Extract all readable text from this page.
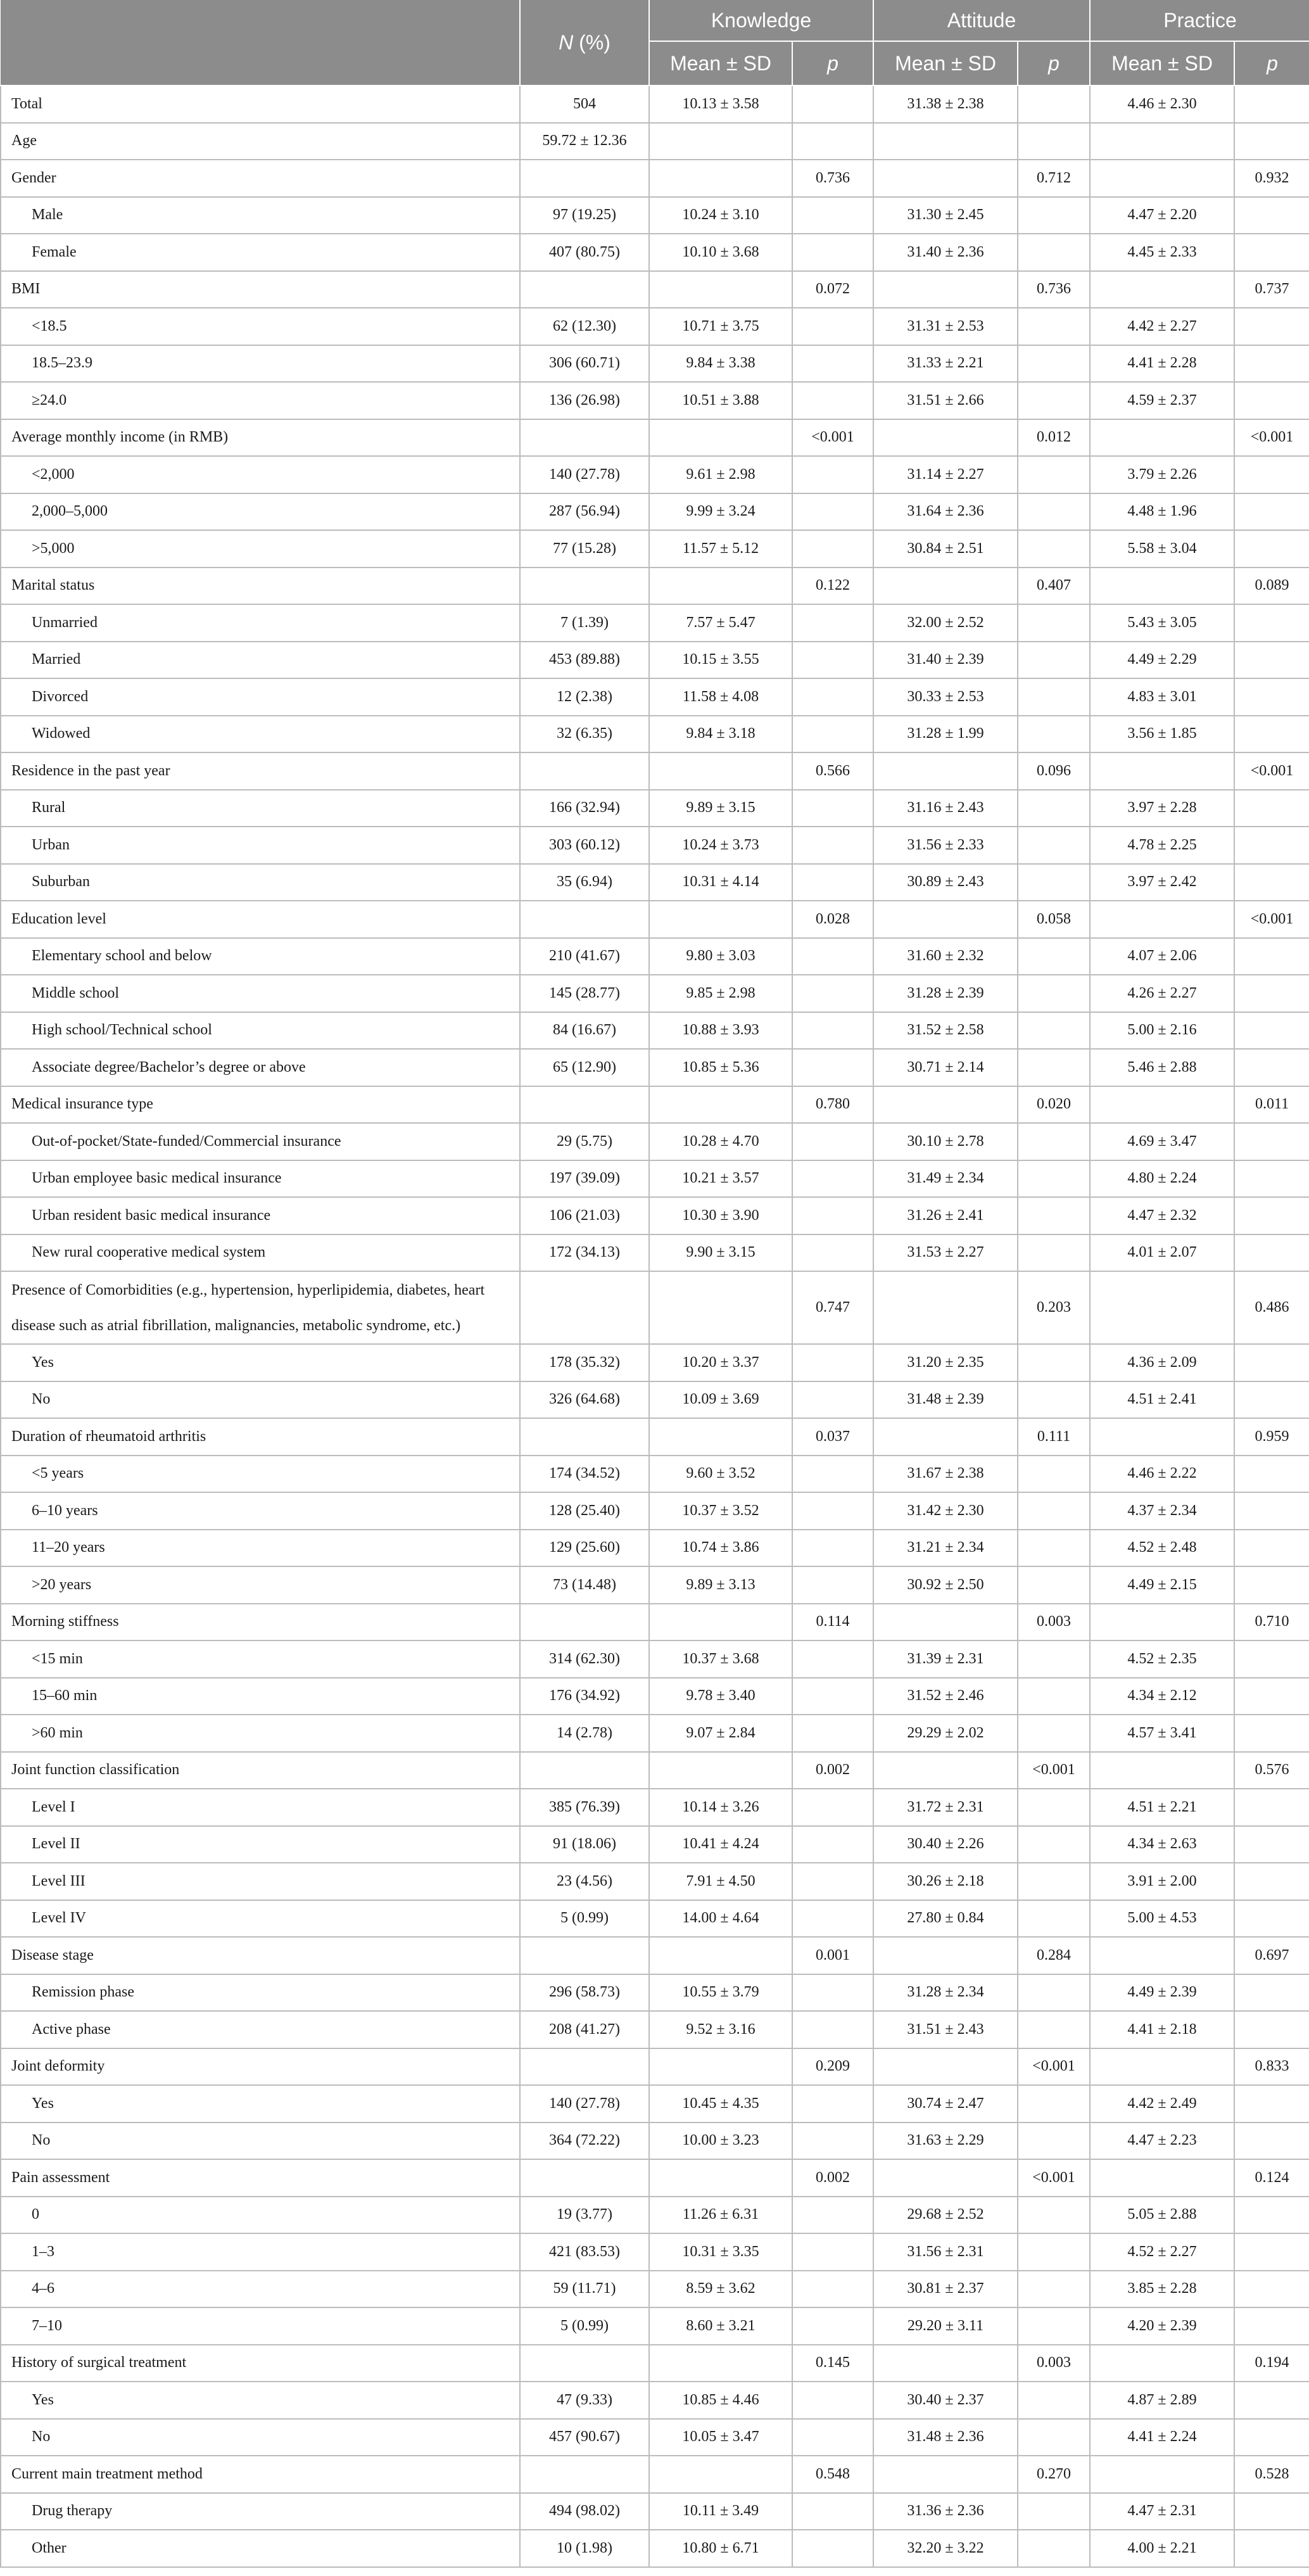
	N (%)	Knowledge		Attitude		Practice	
		Mean ± SD	p	Mean ± SD	p	Mean ± SD	p
Total	504	10.13 ± 3.58		31.38 ± 2.38		4.46 ± 2.30	
Age	59.72 ± 12.36						
Gender			0.736		0.712		0.932
Male	97 (19.25)	10.24 ± 3.10		31.30 ± 2.45		4.47 ± 2.20	
Female	407 (80.75)	10.10 ± 3.68		31.40 ± 2.36		4.45 ± 2.33	
BMI			0.072		0.736		0.737
<18.5	62 (12.30)	10.71 ± 3.75		31.31 ± 2.53		4.42 ± 2.27	
18.5–23.9	306 (60.71)	9.84 ± 3.38		31.33 ± 2.21		4.41 ± 2.28	
≥24.0	136 (26.98)	10.51 ± 3.88		31.51 ± 2.66		4.59 ± 2.37	
Average monthly income (in RMB)			<0.001		0.012		<0.001
<2,000	140 (27.78)	9.61 ± 2.98		31.14 ± 2.27		3.79 ± 2.26	
2,000–5,000	287 (56.94)	9.99 ± 3.24		31.64 ± 2.36		4.48 ± 1.96	
>5,000	77 (15.28)	11.57 ± 5.12		30.84 ± 2.51		5.58 ± 3.04	
Marital status			0.122		0.407		0.089
Unmarried	7 (1.39)	7.57 ± 5.47		32.00 ± 2.52		5.43 ± 3.05	
Married	453 (89.88)	10.15 ± 3.55		31.40 ± 2.39		4.49 ± 2.29	
Divorced	12 (2.38)	11.58 ± 4.08		30.33 ± 2.53		4.83 ± 3.01	
Widowed	32 (6.35)	9.84 ± 3.18		31.28 ± 1.99		3.56 ± 1.85	
Residence in the past year			0.566		0.096		<0.001
Rural	166 (32.94)	9.89 ± 3.15		31.16 ± 2.43		3.97 ± 2.28	
Urban	303 (60.12)	10.24 ± 3.73		31.56 ± 2.33		4.78 ± 2.25	
Suburban	35 (6.94)	10.31 ± 4.14		30.89 ± 2.43		3.97 ± 2.42	
Education level			0.028		0.058		<0.001
Elementary school and below	210 (41.67)	9.80 ± 3.03		31.60 ± 2.32		4.07 ± 2.06	
Middle school	145 (28.77)	9.85 ± 2.98		31.28 ± 2.39		4.26 ± 2.27	
High school/Technical school	84 (16.67)	10.88 ± 3.93		31.52 ± 2.58		5.00 ± 2.16	
Associate degree/Bachelor’s degree or above	65 (12.90)	10.85 ± 5.36		30.71 ± 2.14		5.46 ± 2.88	
Medical insurance type			0.780		0.020		0.011
Out-of-pocket/State-funded/Commercial insurance	29 (5.75)	10.28 ± 4.70		30.10 ± 2.78		4.69 ± 3.47	
Urban employee basic medical insurance	197 (39.09)	10.21 ± 3.57		31.49 ± 2.34		4.80 ± 2.24	
Urban resident basic medical insurance	106 (21.03)	10.30 ± 3.90		31.26 ± 2.41		4.47 ± 2.32	
New rural cooperative medical system	172 (34.13)	9.90 ± 3.15		31.53 ± 2.27		4.01 ± 2.07	
Presence of Comorbidities (e.g., hypertension, hyperlipidemia, diabetes, heart disease such as atrial fibrillation, malignancies, metabolic syndrome, etc.)			0.747		0.203		0.486
Yes	178 (35.32)	10.20 ± 3.37		31.20 ± 2.35		4.36 ± 2.09	
No	326 (64.68)	10.09 ± 3.69		31.48 ± 2.39		4.51 ± 2.41	
Duration of rheumatoid arthritis			0.037		0.111		0.959
<5 years	174 (34.52)	9.60 ± 3.52		31.67 ± 2.38		4.46 ± 2.22	
6–10 years	128 (25.40)	10.37 ± 3.52		31.42 ± 2.30		4.37 ± 2.34	
11–20 years	129 (25.60)	10.74 ± 3.86		31.21 ± 2.34		4.52 ± 2.48	
>20 years	73 (14.48)	9.89 ± 3.13		30.92 ± 2.50		4.49 ± 2.15	
Morning stiffness			0.114		0.003		0.710
<15 min	314 (62.30)	10.37 ± 3.68		31.39 ± 2.31		4.52 ± 2.35	
15–60 min	176 (34.92)	9.78 ± 3.40		31.52 ± 2.46		4.34 ± 2.12	
>60 min	14 (2.78)	9.07 ± 2.84		29.29 ± 2.02		4.57 ± 3.41	
Joint function classification			0.002		<0.001		0.576
Level I	385 (76.39)	10.14 ± 3.26		31.72 ± 2.31		4.51 ± 2.21	
Level II	91 (18.06)	10.41 ± 4.24		30.40 ± 2.26		4.34 ± 2.63	
Level III	23 (4.56)	7.91 ± 4.50		30.26 ± 2.18		3.91 ± 2.00	
Level IV	5 (0.99)	14.00 ± 4.64		27.80 ± 0.84		5.00 ± 4.53	
Disease stage			0.001		0.284		0.697
Remission phase	296 (58.73)	10.55 ± 3.79		31.28 ± 2.34		4.49 ± 2.39	
Active phase	208 (41.27)	9.52 ± 3.16		31.51 ± 2.43		4.41 ± 2.18	
Joint deformity			0.209		<0.001		0.833
Yes	140 (27.78)	10.45 ± 4.35		30.74 ± 2.47		4.42 ± 2.49	
No	364 (72.22)	10.00 ± 3.23		31.63 ± 2.29		4.47 ± 2.23	
Pain assessment			0.002		<0.001		0.124
0	19 (3.77)	11.26 ± 6.31		29.68 ± 2.52		5.05 ± 2.88	
1–3	421 (83.53)	10.31 ± 3.35		31.56 ± 2.31		4.52 ± 2.27	
4–6	59 (11.71)	8.59 ± 3.62		30.81 ± 2.37		3.85 ± 2.28	
7–10	5 (0.99)	8.60 ± 3.21		29.20 ± 3.11		4.20 ± 2.39	
History of surgical treatment			0.145		0.003		0.194
Yes	47 (9.33)	10.85 ± 4.46		30.40 ± 2.37		4.87 ± 2.89	
No	457 (90.67)	10.05 ± 3.47		31.48 ± 2.36		4.41 ± 2.24	
Current main treatment method			0.548		0.270		0.528
Drug therapy	494 (98.02)	10.11 ± 3.49		31.36 ± 2.36		4.47 ± 2.31	
Other	10 (1.98)	10.80 ± 6.71		32.20 ± 3.22		4.00 ± 2.21	
